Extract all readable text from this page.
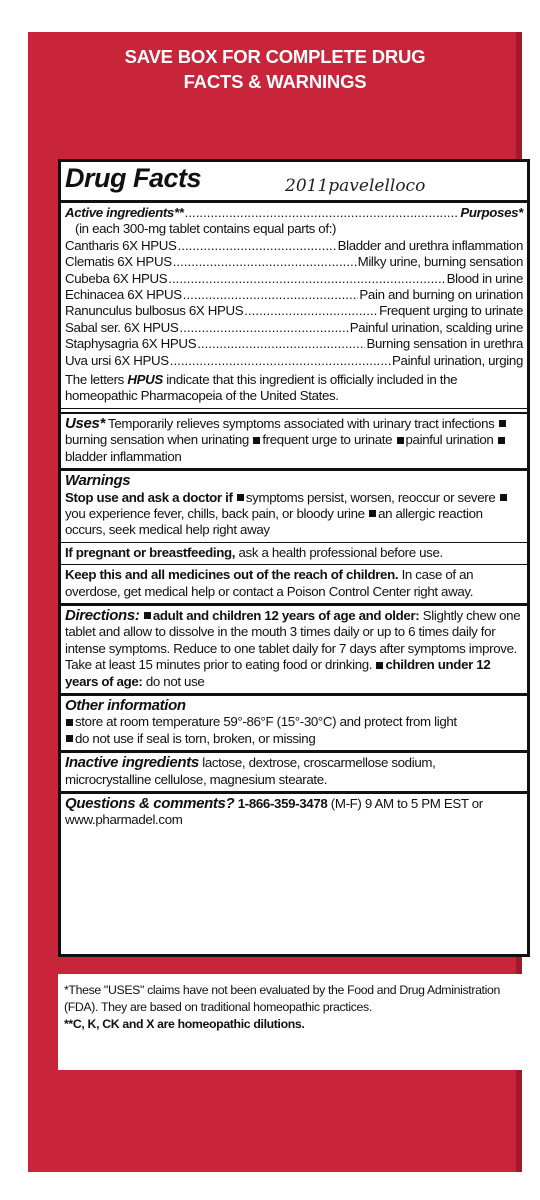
SAVE BOX FOR COMPLETE DRUG
FACTS & WARNINGS
Drug Facts	2011pavelelloco
Active ingredients** .....	Purposes*
(in each 300-mg tablet contains equal parts of:)
Cantharis 6X HPUS .....	Bladder and urethra inflammation
Clematis 6X HPUS .....	Milky urine, burning sensation
Cubeba 6X HPUS .....	Blood in urine
Echinacea 6X HPUS .....	Pain and burning on urination
Ranunculus bulbosus 6X HPUS .....	Frequent urging to urinate
Sabal ser. 6X HPUS .....	Painful urination, scalding urine
Staphysagria 6X HPUS .....	Burning sensation in urethra
Uva ursi 6X HPUS .....	Painful urination, urging
The letters HPUS indicate that this ingredient is officially included in the homeopathic Pharmacopeia of the United States.
Uses* Temporarily relieves symptoms associated with urinary tract infections burning sensation when urinating frequent urge to urinate painful urination bladder inflammation
Warnings
Stop use and ask a doctor if symptoms persist, worsen, reoccur or severe you experience fever, chills, back pain, or bloody urine an allergic reaction occurs, seek medical help right away
If pregnant or breastfeeding, ask a health professional before use.
Keep this and all medicines out of the reach of children. In case of an overdose, get medical help or contact a Poison Control Center right away.
Directions: adult and children 12 years of age and older: Slightly chew one tablet and allow to dissolve in the mouth 3 times daily or up to 6 times daily for intense symptoms. Reduce to one tablet daily for 7 days after symptoms improve. Take at least 15 minutes prior to eating food or drinking. children under 12 years of age: do not use
Other information
store at room temperature 59°-86°F (15°-30°C) and protect from light
do not use if seal is torn, broken, or missing
Inactive ingredients lactose, dextrose, croscarmellose sodium, microcrystalline cellulose, magnesium stearate.
Questions & comments? 1-866-359-3478 (M-F) 9 AM to 5 PM EST or www.pharmadel.com
*These "USES" claims have not been evaluated by the Food and Drug Administration (FDA). They are based on traditional homeopathic practices.
**C, K, CK and X are homeopathic dilutions.
